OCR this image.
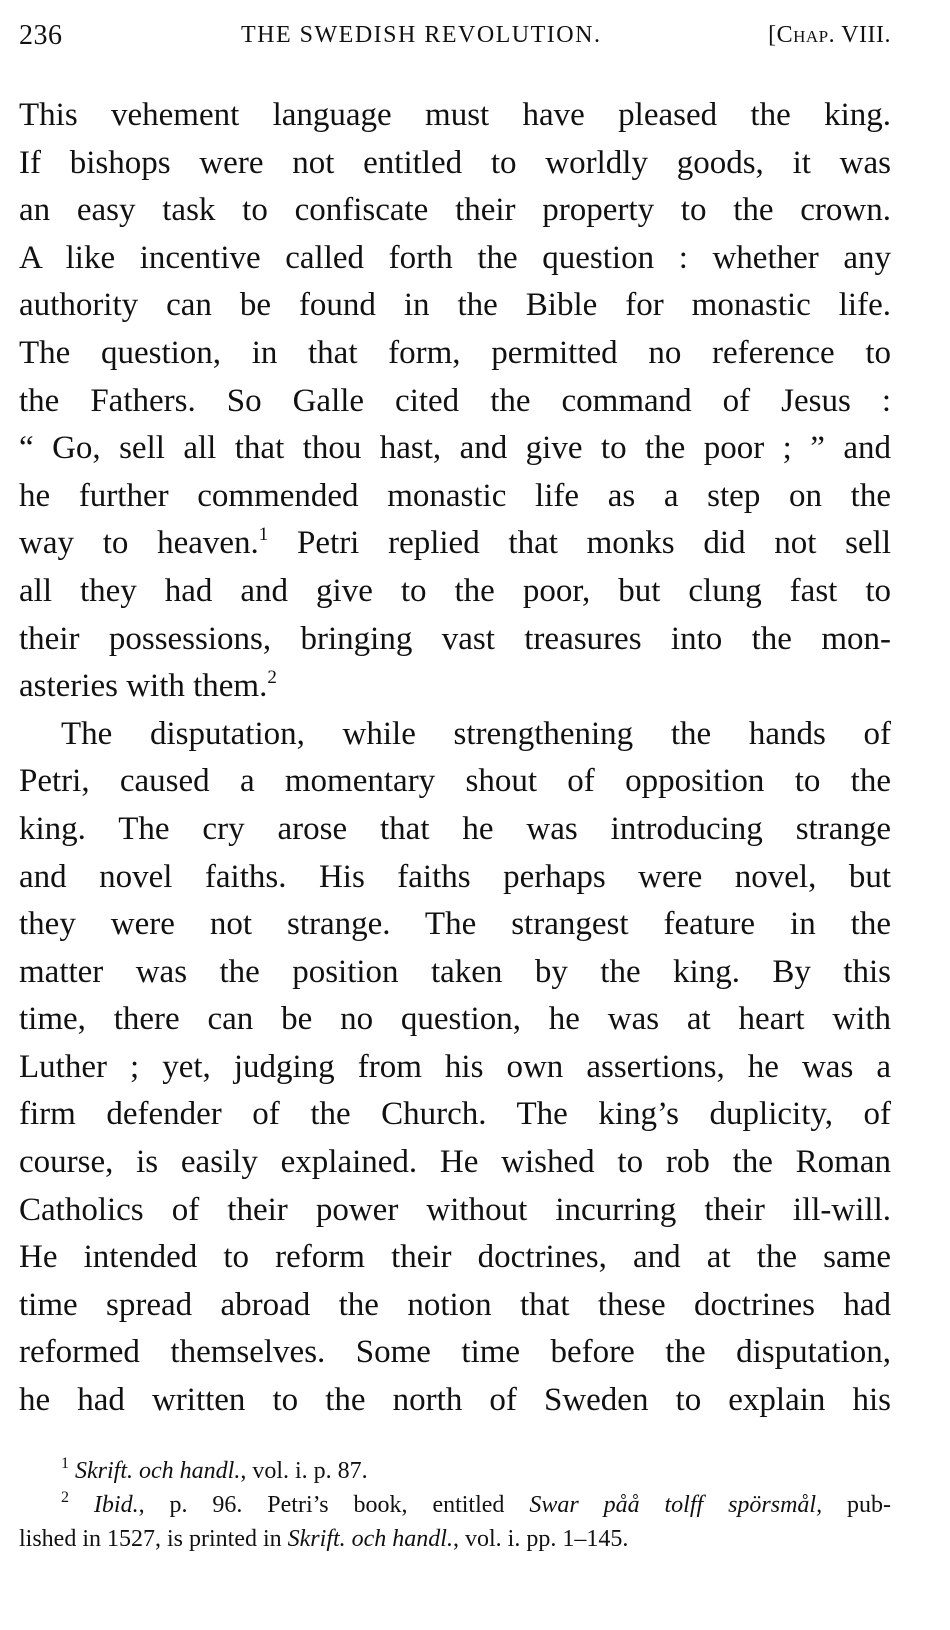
236	THE SWEDISH REVOLUTION.	[Chap. VIII.

This vehement language must have pleased the king.
If bishops were not entitled to worldly goods, it was
an easy task to confiscate their property to the crown.
A like incentive called forth the question : whether any
authority can be found in the Bible for monastic life.
The question, in that form, permitted no reference to
the Fathers. So Galle cited the command of Jesus :
“ Go, sell all that thou hast, and give to the poor ; ” and
he further commended monastic life as a step on the
way to heaven.$^1$ Petri replied that monks did not sell
all they had and give to the poor, but clung fast to
their possessions, bringing vast treasures into the mon-
asteries with them.$^2$

The disputation, while strengthening the hands of
Petri, caused a momentary shout of opposition to the
king. The cry arose that he was introducing strange
and novel faiths. His faiths perhaps were novel, but
they were not strange. The strangest feature in the
matter was the position taken by the king. By this
time, there can be no question, he was at heart with
Luther ; yet, judging from his own assertions, he was a
firm defender of the Church. The king’s duplicity, of
course, is easily explained. He wished to rob the Roman
Catholics of their power without incurring their ill-will.
He intended to reform their doctrines, and at the same
time spread abroad the notion that these doctrines had
reformed themselves. Some time before the disputation,
he had written to the north of Sweden to explain his

$^1$ Skrift. och handl., vol. i. p. 87.
$^2$ Ibid., p. 96. Petri’s book, entitled Swar påå tolff spörsmål, pub-
lished in 1527, is printed in Skrift. och handl., vol. i. pp. 1–145.
